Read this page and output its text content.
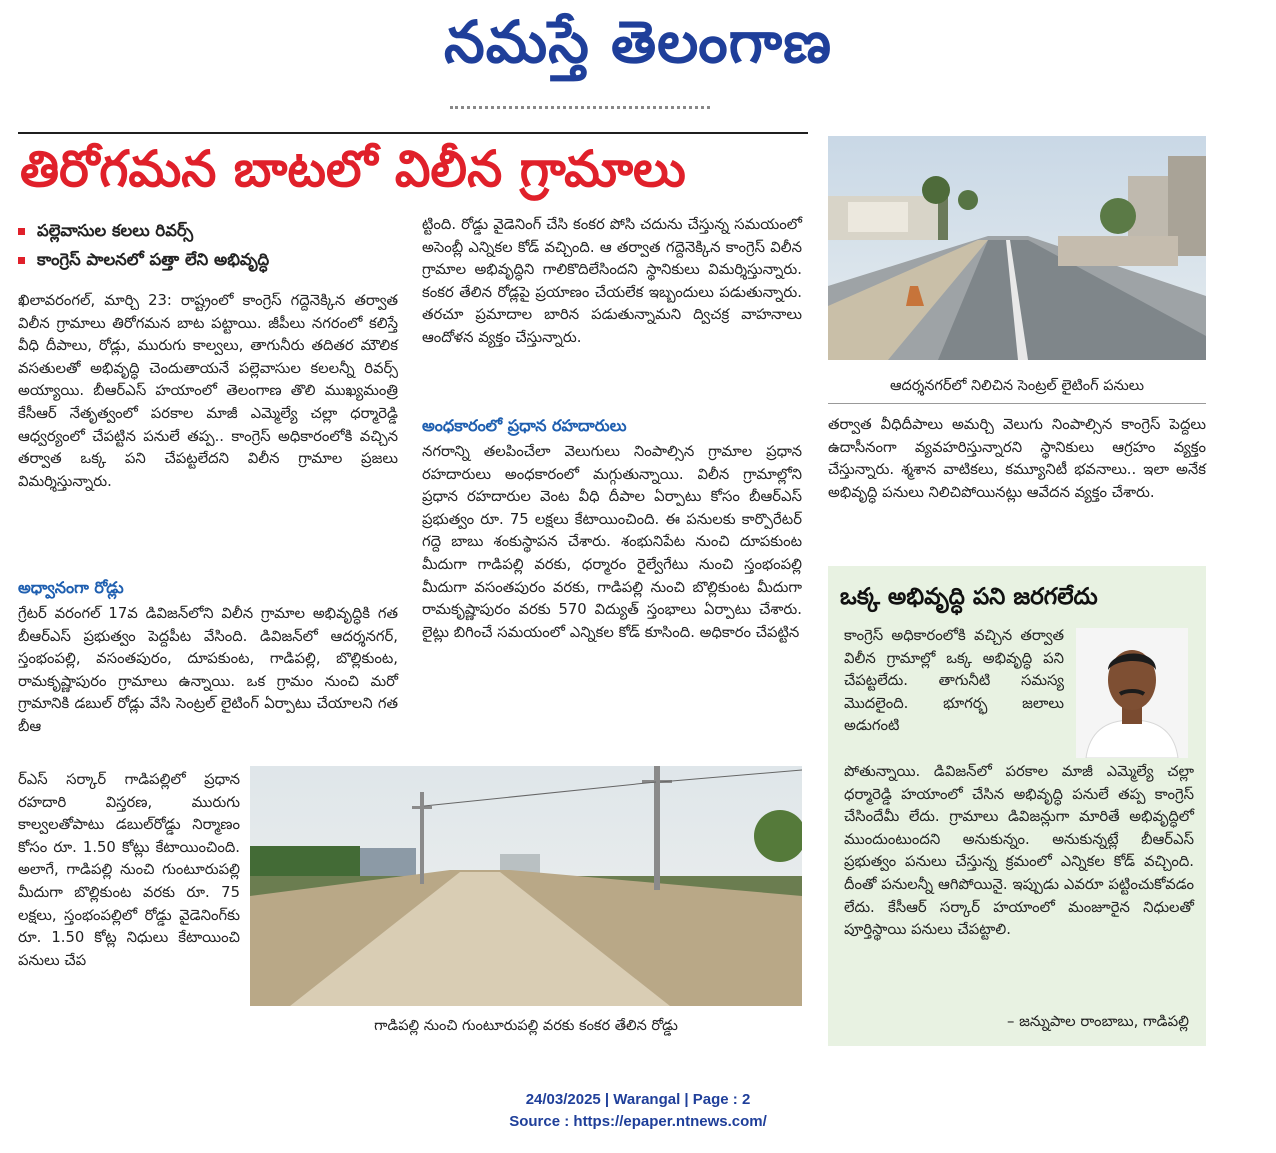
నమస్తే తెలంగాణ
తిరోగమన బాటలో విలీన గ్రామాలు
పల్లెవాసుల కలలు రివర్స్
కాంగ్రెస్ పాలనలో పత్తా లేని అభివృద్ధి

ఖిలావరంగల్, మార్చి 23: రాష్ట్రంలో కాంగ్రెస్ గద్దెనెక్కిన తర్వాత విలీన గ్రామాలు తిరోగమన బాట పట్టాయి. జీపీలు నగరంలో కలిస్తే వీధి దీపాలు, రోడ్లు, మురుగు కాల్వలు, తాగునీరు తదితర మౌలిక వసతులతో అభివృద్ధి చెందుతాయనే పల్లెవాసుల కలలన్నీ రివర్స్ అయ్యాయి. బీఆర్ఎస్ హయాంలో తెలంగాణ తొలి ముఖ్యమంత్రి కేసీఆర్ నేతృత్వంలో పరకాల మాజీ ఎమ్మెల్యే చల్లా ధర్మారెడ్డి ఆధ్వర్యంలో చేపట్టిన పనులే తప్ప.. కాంగ్రెస్ అధికారంలోకి వచ్చిన తర్వాత ఒక్క పని చేపట్టలేదని విలీన గ్రామాల ప్రజలు విమర్శిస్తున్నారు.

అధ్వానంగా రోడ్లు

గ్రేటర్ వరంగల్ 17వ డివిజన్‌లోని విలీన గ్రామాల అభివృద్ధికి గత బీఆర్ఎస్ ప్రభుత్వం పెద్దపీట వేసింది. డివిజన్‌లో ఆదర్శనగర్, స్తంభంపల్లి, వసంతపురం, దూపకుంట, గాడిపల్లి, బొల్లికుంట, రామకృష్ణాపురం గ్రామాలు ఉన్నాయి. ఒక గ్రామం నుంచి మరో గ్రామానికి డబుల్ రోడ్లు వేసి సెంట్రల్ లైటింగ్ ఏర్పాటు చేయాలని గత బీఆ

ర్ఎస్ సర్కార్ గాడిపల్లిలో ప్రధాన రహదారి విస్తరణ, మురుగు కాల్వలతోపాటు డబుల్‌రోడ్డు నిర్మాణం కోసం రూ. 1.50 కోట్లు కేటాయించింది. అలాగే, గాడిపల్లి నుంచి గుంటూరుపల్లి మీదుగా బొల్లికుంట వరకు రూ. 75 లక్షలు, స్తంభంపల్లిలో రోడ్డు వైడెనింగ్‌కు రూ. 1.50 కోట్ల నిధులు కేటాయించి పనులు చేప

ట్టింది. రోడ్డు వైడెనింగ్ చేసి కంకర పోసి చదును చేస్తున్న సమయంలో అసెంబ్లీ ఎన్నికల కోడ్ వచ్చింది. ఆ తర్వాత గద్దెనెక్కిన కాంగ్రెస్ విలీన గ్రామాల అభివృద్ధిని గాలికొదిలేసిందని స్థానికులు విమర్శిస్తున్నారు. కంకర తేలిన రోడ్లపై ప్రయాణం చేయలేక ఇబ్బందులు పడుతున్నారు. తరచూ ప్రమాదాల బారిన పడుతున్నామని ద్విచక్ర వాహనాలు ఆందోళన వ్యక్తం చేస్తున్నారు.

అంధకారంలో ప్రధాన రహదారులు

నగరాన్ని తలపించేలా వెలుగులు నింపాల్సిన గ్రామాల ప్రధాన రహదారులు అంధకారంలో మగ్గుతున్నాయి. విలీన గ్రామాల్లోని ప్రధాన రహదారుల వెంట వీధి దీపాల ఏర్పాటు కోసం బీఆర్ఎస్ ప్రభుత్వం రూ. 75 లక్షలు కేటాయించింది. ఈ పనులకు కార్పొరేటర్ గద్దె బాబు శంకుస్థాపన చేశారు. శంభునిపేట నుంచి దూపకుంట మీదుగా గాడిపల్లి వరకు, ధర్మారం రైల్వేగేటు నుంచి స్తంభంపల్లి మీదుగా వసంతపురం వరకు, గాడిపల్లి నుంచి బొల్లికుంట మీదుగా రామకృష్ణాపురం వరకు 570 విద్యుత్ స్తంభాలు ఏర్పాటు చేశారు. లైట్లు బిగించే సమయంలో ఎన్నికల కోడ్ కూసింది. అధికారం చేపట్టిన

ఆదర్శనగర్‌లో నిలిచిన సెంట్రల్ లైటింగ్ పనులు

తర్వాత వీధిదీపాలు అమర్చి వెలుగు నింపాల్సిన కాంగ్రెస్ పెద్దలు ఉదాసీనంగా వ్యవహరిస్తున్నారని స్థానికులు ఆగ్రహం వ్యక్తం చేస్తున్నారు. శ్మశాన వాటికలు, కమ్యూనిటీ భవనాలు.. ఇలా అనేక అభివృద్ధి పనులు నిలిచిపోయినట్లు ఆవేదన వ్యక్తం చేశారు.

ఒక్క అభివృద్ధి పని జరగలేదు

కాంగ్రెస్ అధికారంలోకి వచ్చిన తర్వాత విలీన గ్రామాల్లో ఒక్క అభివృద్ధి పని చేపట్టలేదు. తాగునీటి సమస్య మొదలైంది. భూగర్భ జలాలు అడుగంటి

పోతున్నాయి. డివిజన్‌లో పరకాల మాజీ ఎమ్మెల్యే చల్లా ధర్మారెడ్డి హయాంలో చేసిన అభివృద్ధి పనులే తప్ప కాంగ్రెస్ చేసిందేమీ లేదు. గ్రామాలు డివిజన్లుగా మారితే అభివృద్ధిలో ముందుంటుందని అనుకున్నం. అనుకున్నట్లే బీఆర్ఎస్ ప్రభుత్వం పనులు చేస్తున్న క్రమంలో ఎన్నికల కోడ్ వచ్చింది. దీంతో పనులన్నీ ఆగిపోయినై. ఇప్పుడు ఎవరూ పట్టించుకోవడం లేదు. కేసీఆర్ సర్కార్ హయాంలో మంజూరైన నిధులతో పూర్తిస్థాయి పనులు చేపట్టాలి.

– జన్నుపాల రాంబాబు, గాడిపల్లి
గాడిపల్లి నుంచి గుంటూరుపల్లి వరకు కంకర తేలిన రోడ్డు
24/03/2025 | Warangal | Page : 2
Source : https://epaper.ntnews.com/
